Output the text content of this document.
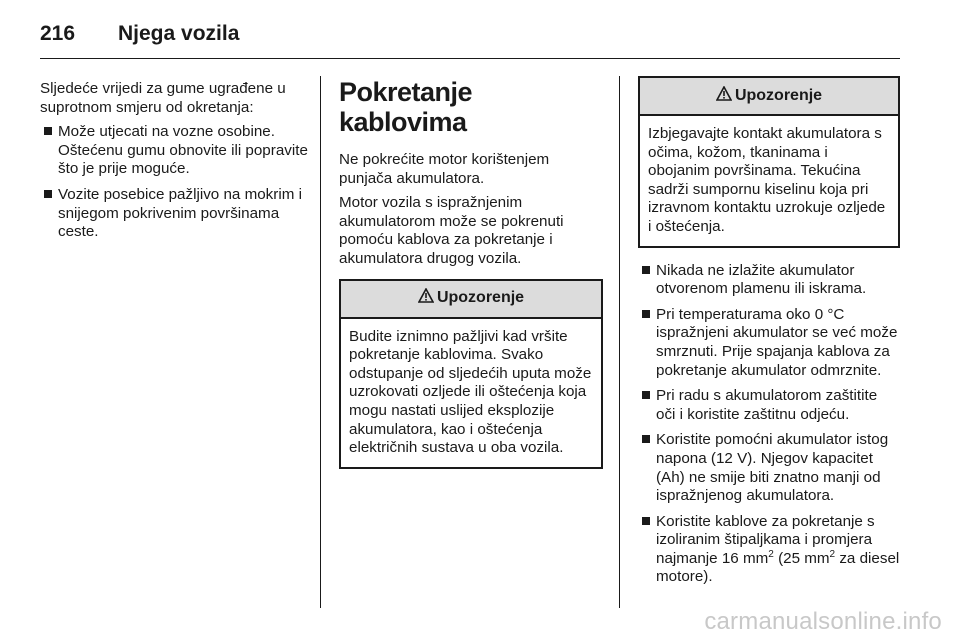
216	Njega vozila

Sljedeće vrijedi za gume ugrađene u suprotnom smjeru od okretanja:

Može utjecati na vozne osobine. Oštećenu gumu obnovite ili popravite što je prije moguće.
Vozite posebice pažljivo na mokrim i snijegom pokrivenim površinama ceste.
Pokretanje kablovima

Ne pokrećite motor korištenjem punjača akumulatora.

Motor vozila s ispražnjenim akumulatorom može se pokrenuti pomoću kablova za pokretanje i akumulatora drugog vozila.

Upozorenje
Budite iznimno pažljivi kad vršite pokretanje kablovima. Svako odstupanje od sljedećih uputa može uzrokovati ozljede ili oštećenja koja mogu nastati uslijed eksplozije akumulatora, kao i oštećenja električnih sustava u oba vozila.
Upozorenje
Izbjegavajte kontakt akumulatora s očima, kožom, tkaninama i obojanim površinama. Tekućina sadrži sumpornu kiselinu koja pri izravnom kontaktu uzrokuje ozljede i oštećenja.
Nikada ne izlažite akumulator otvorenom plamenu ili iskrama.
Pri temperaturama oko 0 °C ispražnjeni akumulator se već može smrznuti. Prije spajanja kablova za pokretanje akumulator odmrznite.
Pri radu s akumulatorom zaštitite oči i koristite zaštitnu odjeću.
Koristite pomoćni akumulator istog napona (12 V). Njegov kapacitet (Ah) ne smije biti znatno manji od ispražnjenog akumulatora.
Koristite kablove za pokretanje s izoliranim štipaljkama i promjera najmanje 16 $mm^2$ (25 $mm^2$ za diesel motore).
carmanualsonline.info
